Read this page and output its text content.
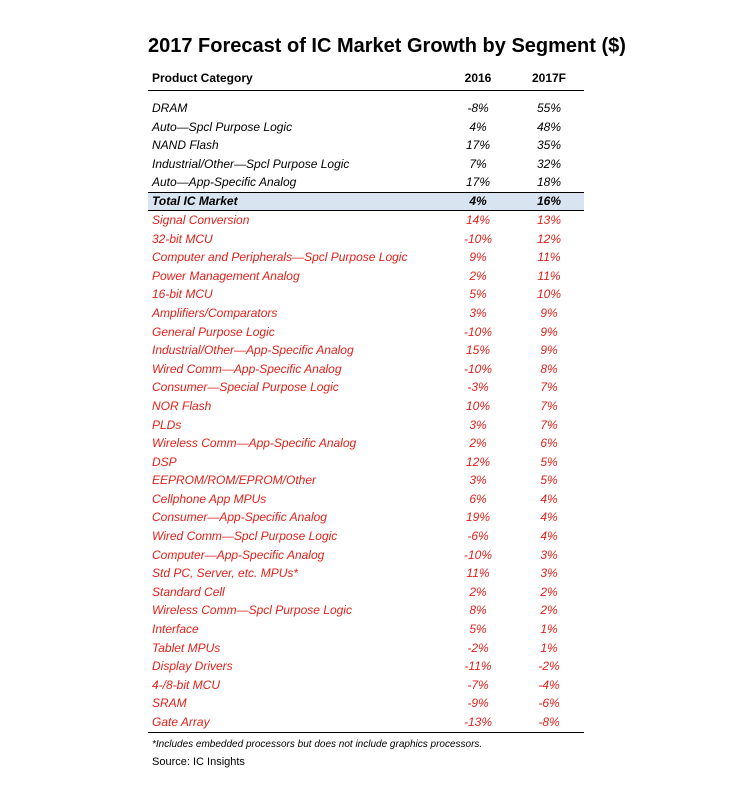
2017 Forecast of IC Market Growth by Segment ($)
Product Category	2016	2017F
DRAM	-8%	55%
Auto—Spcl Purpose Logic	4%	48%
NAND Flash	17%	35%
Industrial/Other—Spcl Purpose Logic	7%	32%
Auto—App-Specific Analog	17%	18%
Total IC Market	4%	16%
Signal Conversion	14%	13%
32-bit MCU	-10%	12%
Computer and Peripherals—Spcl Purpose Logic	9%	11%
Power Management Analog	2%	11%
16-bit MCU	5%	10%
Amplifiers/Comparators	3%	9%
General Purpose Logic	-10%	9%
Industrial/Other—App-Specific Analog	15%	9%
Wired Comm—App-Specific Analog	-10%	8%
Consumer—Special Purpose Logic	-3%	7%
NOR Flash	10%	7%
PLDs	3%	7%
Wireless Comm—App-Specific Analog	2%	6%
DSP	12%	5%
EEPROM/ROM/EPROM/Other	3%	5%
Cellphone App MPUs	6%	4%
Consumer—App-Specific Analog	19%	4%
Wired Comm—Spcl Purpose Logic	-6%	4%
Computer—App-Specific Analog	-10%	3%
Std PC, Server, etc. MPUs*	11%	3%
Standard Cell	2%	2%
Wireless Comm—Spcl Purpose Logic	8%	2%
Interface	5%	1%
Tablet MPUs	-2%	1%
Display Drivers	-11%	-2%
4-/8-bit MCU	-7%	-4%
SRAM	-9%	-6%
Gate Array	-13%	-8%
*Includes embedded processors but does not include graphics processors.
Source: IC Insights
